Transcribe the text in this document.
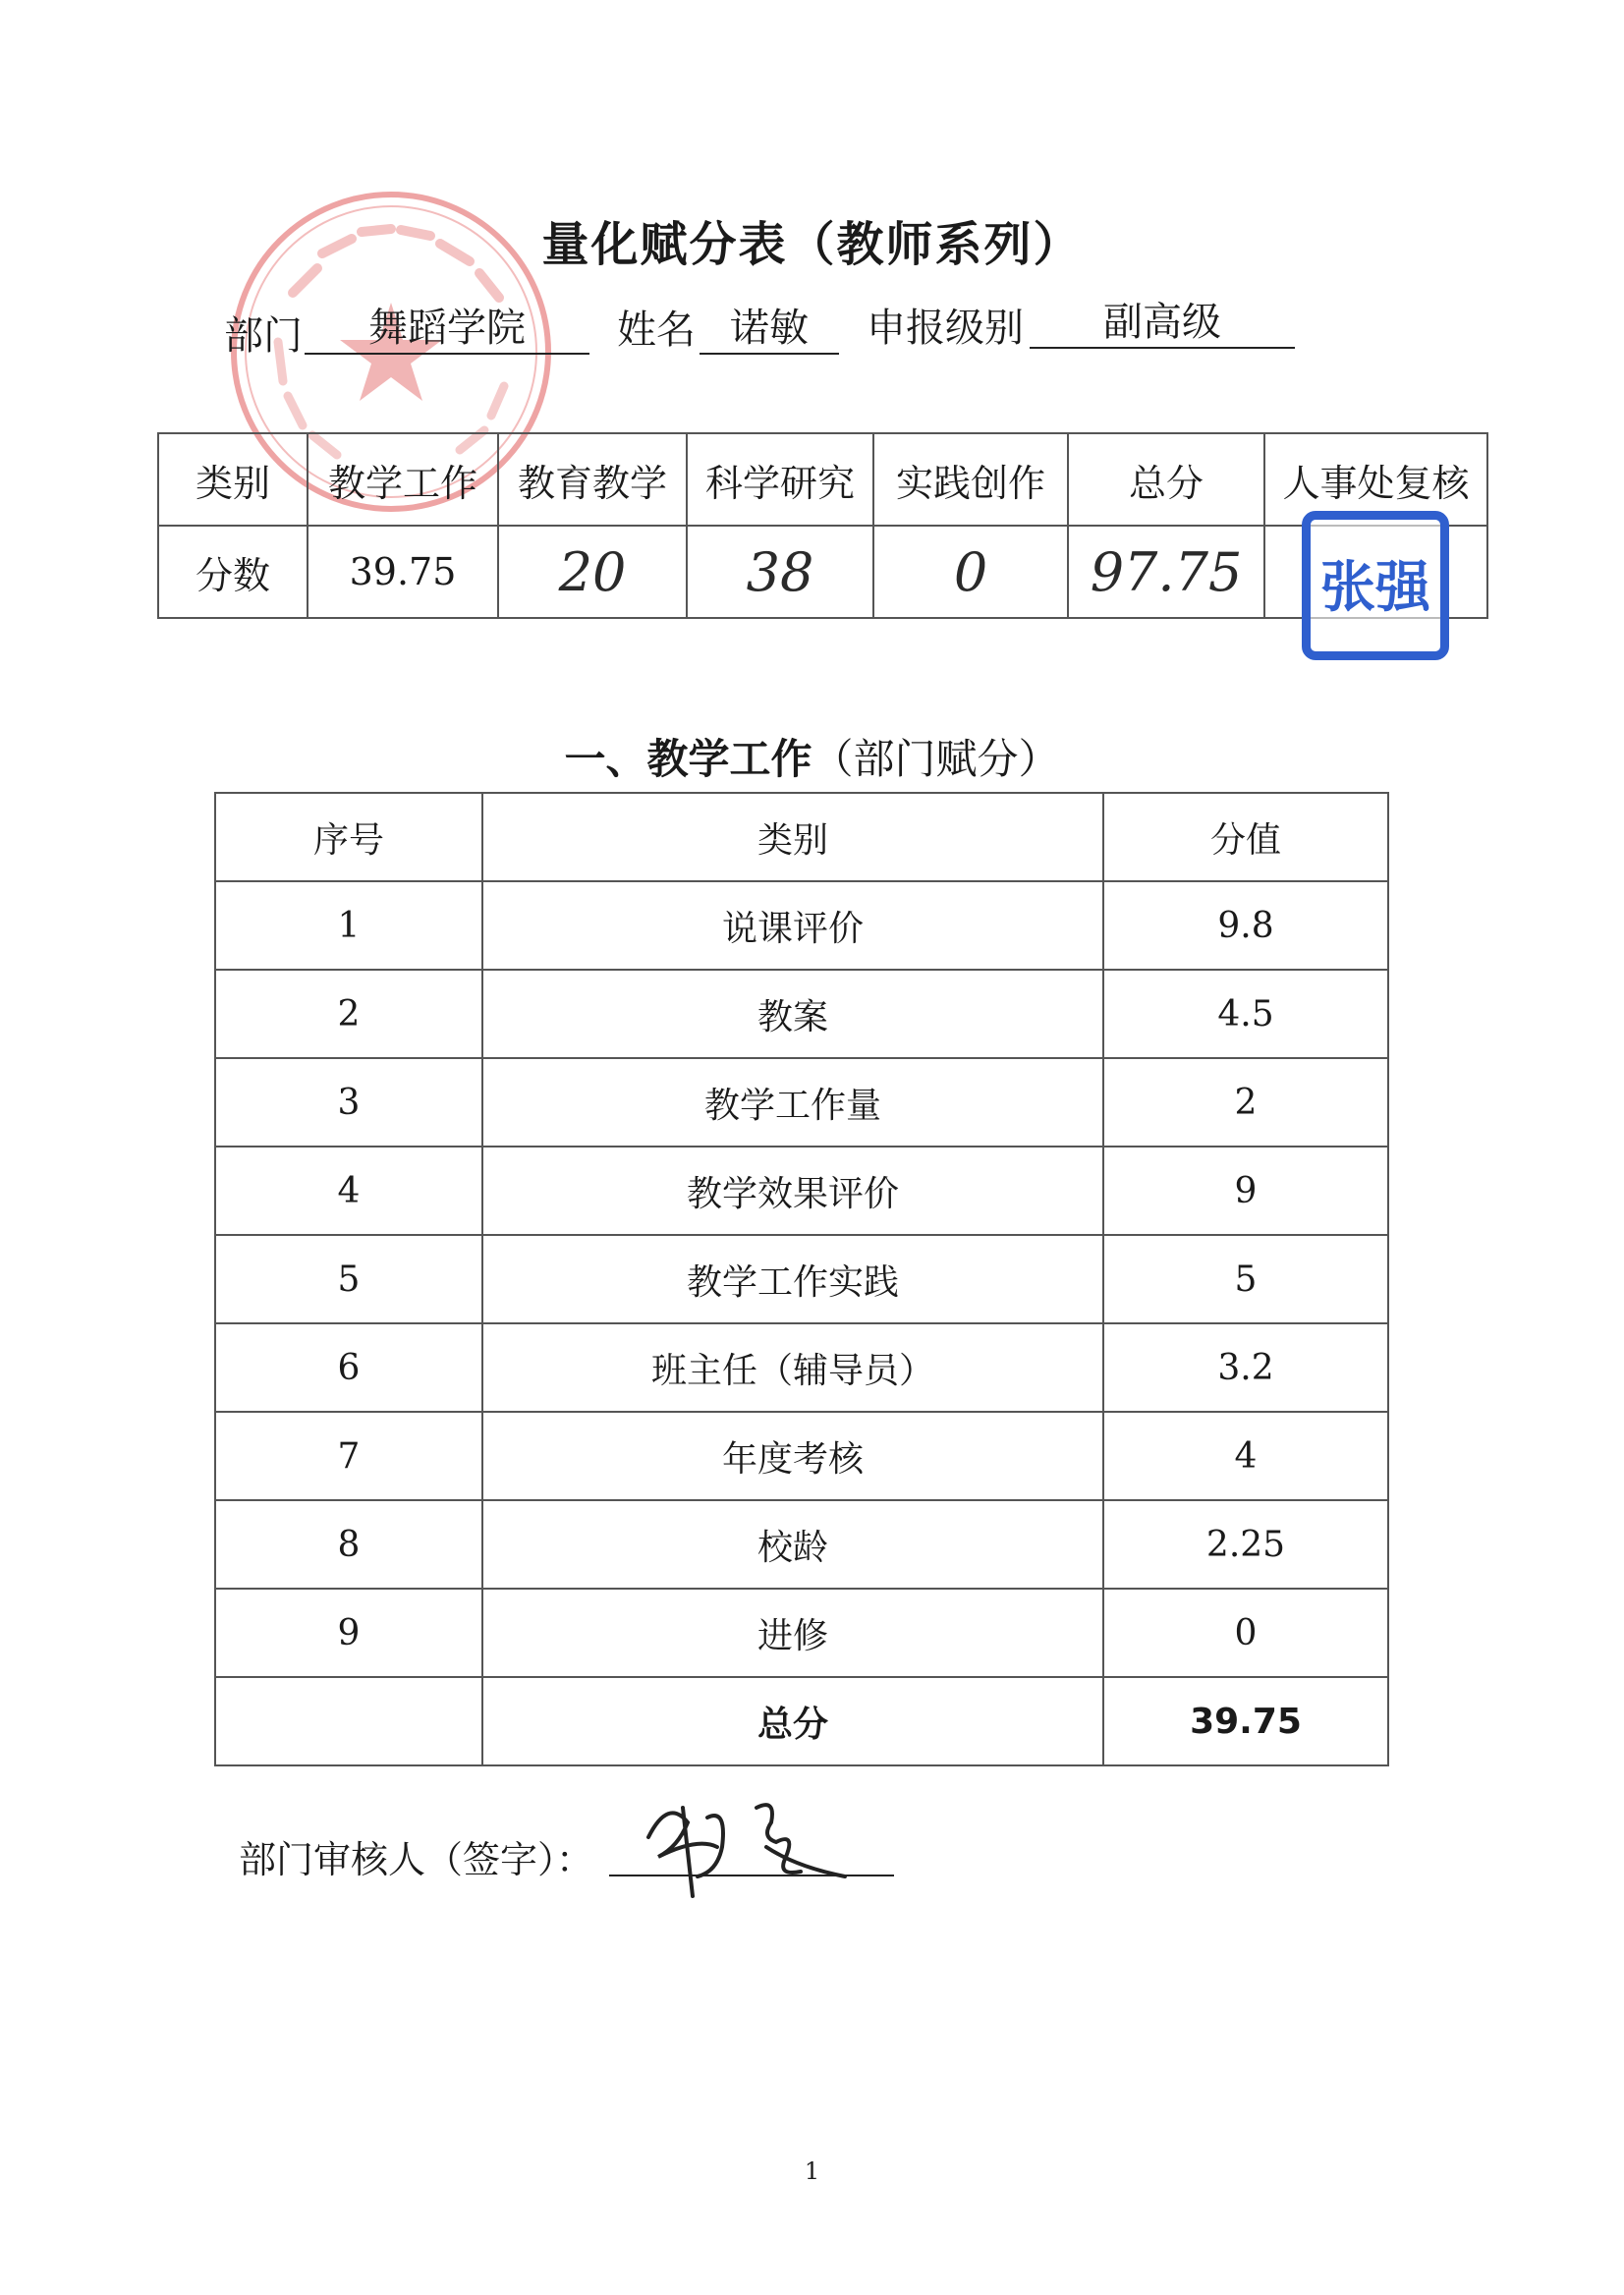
量化赋分表（教师系列）
部门	舞蹈学院	姓名 诺敏	申报级别	副高级
类别	教学工作	教育教学	科学研究	实践创作	总分	人事处复核
分数	39.75	20	38	0	97.75	张强
一、教学工作（部门赋分）
序号	类别	分值
1	说课评价	9.8
2	教案	4.5
3	教学工作量	2
4	教学效果评价	9
5	教学工作实践	5
6	班主任（辅导员）	3.2
7	年度考核	4
8	校龄	2.25
9	进修	0
	总分	39.75
部门审核人（签字）：
1
